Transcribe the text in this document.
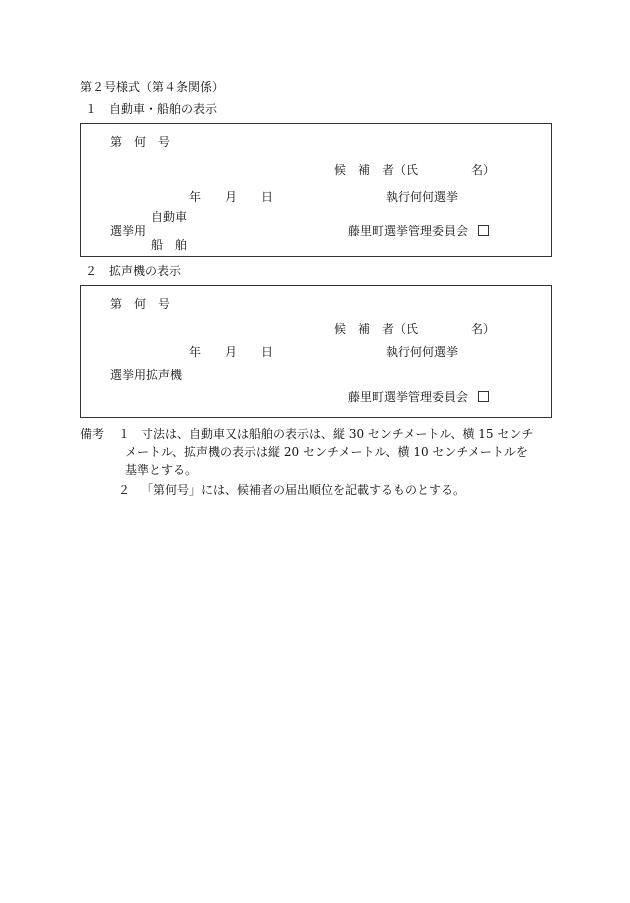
第２号様式（第４条関係）
１　自動車・船舶の表示
第　何　号
候　補　者（氏	名）
年　　月　　日	執行何何選挙
自動車
選挙用
船　舶
藤里町選挙管理委員会
２　拡声機の表示
第　何　号
候　補　者（氏	名）
年　　月　　日	執行何何選挙
選挙用拡声機
藤里町選挙管理委員会
備考 １ 寸法は、自動車又は船舶の表示は、縦 30 センチメートル、横 15 センチ
メートル、拡声機の表示は縦 20 センチメートル、横 10 センチメートルを
基準とする。
２ 「第何号」には、候補者の届出順位を記載するものとする。
